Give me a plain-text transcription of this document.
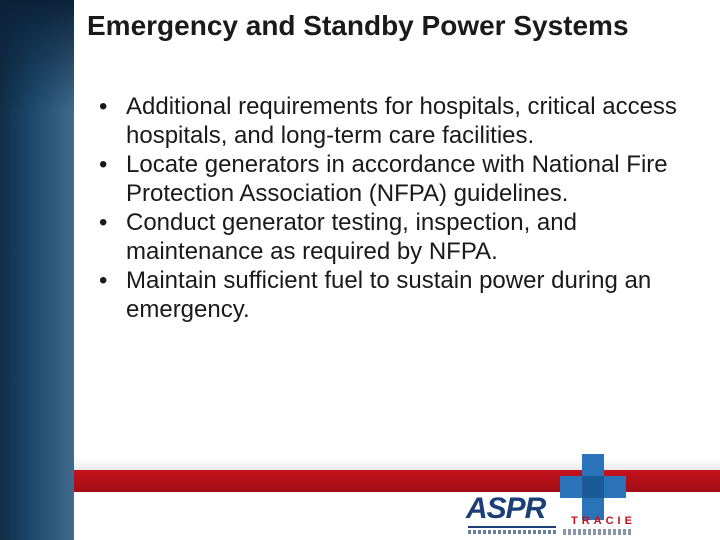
Emergency and Standby Power Systems
• Additional requirements for hospitals, critical access hospitals, and long-term care facilities.
• Locate generators in accordance with National Fire Protection Association (NFPA) guidelines.
• Conduct generator testing, inspection, and maintenance as required by NFPA.
• Maintain sufficient fuel to sustain power during an emergency.
ASPR TRACIE
